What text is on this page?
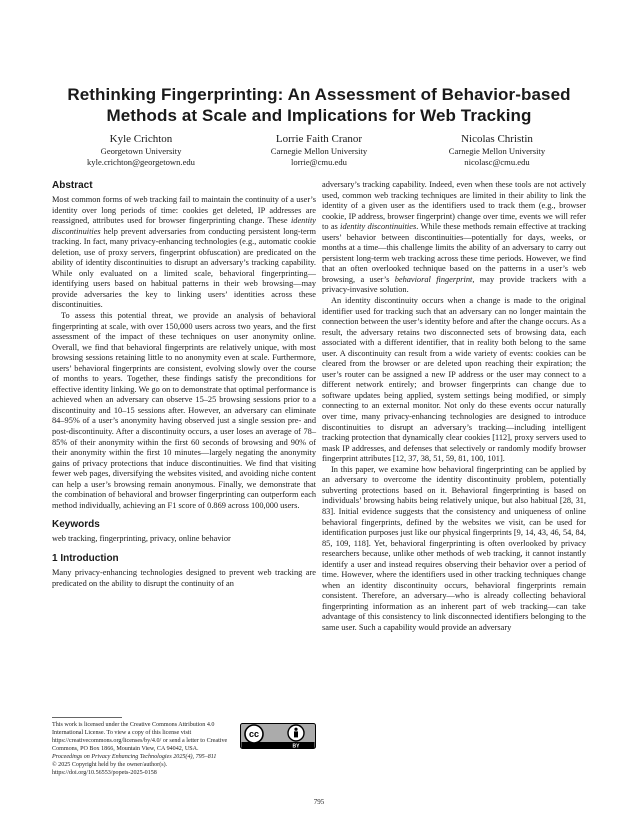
Rethinking Fingerprinting: An Assessment of Behavior-based Methods at Scale and Implications for Web Tracking
Kyle Crichton
Georgetown University
kyle.crichton@georgetown.edu
Lorrie Faith Cranor
Carnegie Mellon University
lorrie@cmu.edu
Nicolas Christin
Carnegie Mellon University
nicolasc@cmu.edu
Abstract

Most common forms of web tracking fail to maintain the continuity of a user’s identity over long periods of time: cookies get deleted, IP addresses are reassigned, attributes used for browser fingerprinting change. These identity discontinuities help prevent adversaries from conducting persistent long-term tracking. In fact, many privacy-enhancing technologies (e.g., automatic cookie deletion, use of proxy servers, fingerprint obfuscation) are predicated on the ability of identity discontinuities to disrupt an adversary’s tracking capability. While only evaluated on a limited scale, behavioral fingerprinting—identifying users based on habitual patterns in their web browsing—may provide adversaries the key to linking users’ identities across these discontinuities.

To assess this potential threat, we provide an analysis of behavioral fingerprinting at scale, with over 150,000 users across two years, and the first assessment of the impact of these techniques on user anonymity online. Overall, we find that behavioral fingerprints are relatively unique, with most browsing sessions retaining little to no anonymity even at scale. Furthermore, users’ behavioral fingerprints are consistent, evolving slowly over the course of months to years. Together, these findings satisfy the preconditions for effective identity linking. We go on to demonstrate that optimal performance is achieved when an adversary can observe 15–25 browsing sessions prior to a discontinuity and 10–15 sessions after. However, an adversary can eliminate 84–95% of a user’s anonymity having observed just a single session pre- and post-discontinuity. After a discontinuity occurs, a user loses an average of 78–85% of their anonymity within the first 60 seconds of browsing and 90% of their anonymity within the first 10 minutes—largely negating the anonymity gains of privacy protections that induce discontinuities. We find that visiting fewer web pages, diversifying the websites visited, and avoiding niche content can help a user’s browsing remain anonymous. Finally, we demonstrate that the combination of behavioral and browser fingerprinting can outperform each method individually, achieving an F1 score of 0.869 across 100,000 users.

Keywords

web tracking, fingerprinting, privacy, online behavior

1 Introduction

Many privacy-enhancing technologies designed to prevent web tracking are predicated on the ability to disrupt the continuity of an

adversary’s tracking capability. Indeed, even when these tools are not actively used, common web tracking techniques are limited in their ability to link the identity of a given user as the identifiers used to track them (e.g., browser cookie, IP address, browser fingerprint) change over time, events we will refer to as identity discontinuities. While these methods remain effective at tracking users’ behavior between discontinuities—potentially for days, weeks, or months at a time—this challenge limits the ability of an adversary to carry out persistent long-term web tracking across these time periods. However, we find that an often overlooked technique based on the patterns in a user’s web browsing, a user’s behavioral fingerprint, may provide trackers with a privacy-invasive solution.

An identity discontinuity occurs when a change is made to the original identifier used for tracking such that an adversary can no longer maintain the connection between the user’s identity before and after the change occurs. As a result, the adversary retains two disconnected sets of browsing data, each associated with a different identifier, that in reality both belong to the same user. A discontinuity can result from a wide variety of events: cookies can be cleared from the browser or are deleted upon reaching their expiration; the user’s router can be assigned a new IP address or the user may connect to a different network entirely; and browser fingerprints can change due to software updates being applied, system settings being modified, or simply connecting to an external monitor. Not only do these events occur naturally over time, many privacy-enhancing technologies are designed to introduce discontinuities to disrupt an adversary’s tracking—including intelligent tracking protection that dynamically clear cookies [112], proxy servers used to mask IP addresses, and defenses that selectively or randomly modify browser fingerprint attributes [12, 37, 38, 51, 59, 81, 100, 101].

In this paper, we examine how behavioral fingerprinting can be applied by an adversary to overcome the identity discontinuity problem, potentially subverting protections based on it. Behavioral fingerprinting is based on individuals’ browsing habits being relatively unique, but also habitual [28, 31, 83]. Initial evidence suggests that the consistency and uniqueness of online behavioral fingerprints, defined by the websites we visit, can be used for identification purposes just like our physical fingerprints [9, 14, 43, 46, 54, 84, 85, 109, 118]. Yet, behavioral fingerprinting is often overlooked by privacy researchers because, unlike other methods of web tracking, it cannot instantly identify a user and instead requires observing their behavior over a period of time. However, where the identifiers used in other tracking techniques change when an identity discontinuity occurs, behavioral fingerprints remain consistent. Therefore, an adversary—who is already collecting behavioral fingerprinting information as an inherent part of web tracking—can take advantage of this consistency to link disconnected identifiers belonging to the same user. Such a capability would provide an adversary

This work is licensed under the Creative Commons Attribution 4.0 International License. To view a copy of this license visit https://creativecommons.org/licenses/by/4.0/ or send a letter to Creative Commons, PO Box 1866, Mountain View, CA 94042, USA.
cc
BY
Proceedings on Privacy Enhancing Technologies 2025(4), 795–811
© 2025 Copyright held by the owner/author(s).
https://doi.org/10.56553/popets-2025-0158
795
